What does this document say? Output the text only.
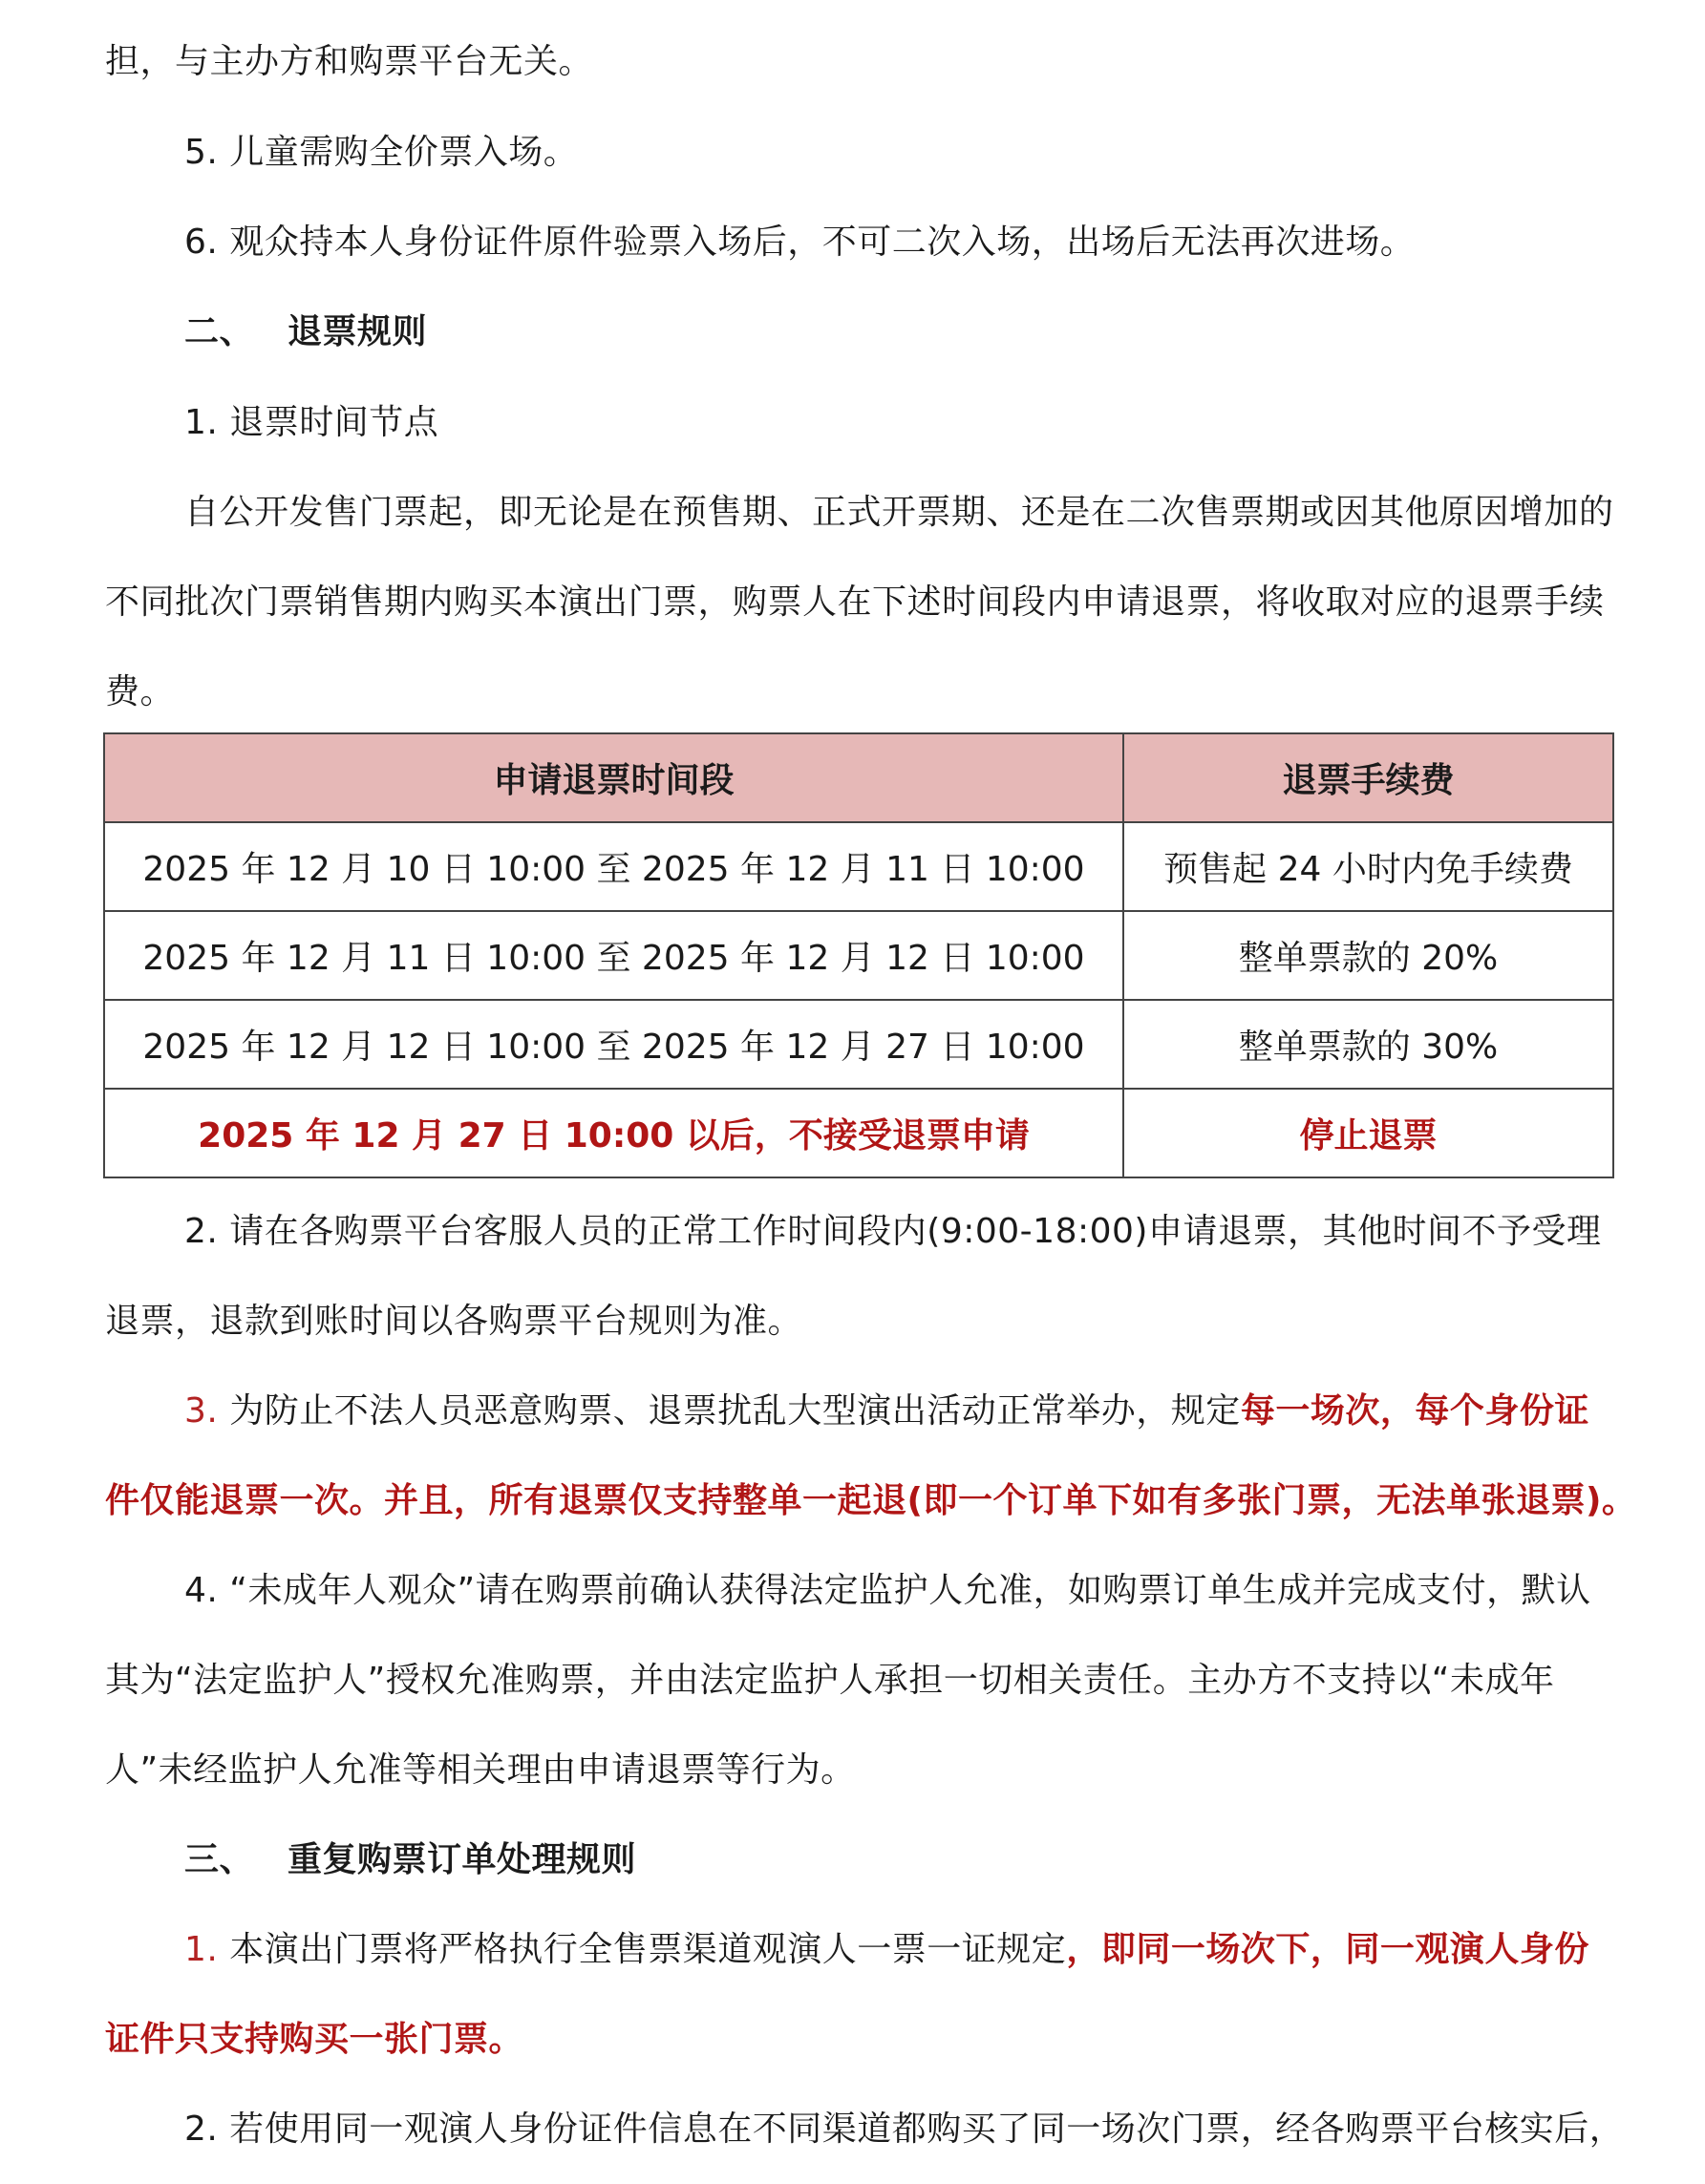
担，与主办方和购票平台无关。
5. 儿童需购全价票入场。
6. 观众持本人身份证件原件验票入场后，不可二次入场，出场后无法再次进场。
二、 退票规则
1. 退票时间节点
自公开发售门票起，即无论是在预售期、正式开票期、还是在二次售票期或因其他原因增加的
不同批次门票销售期内购买本演出门票，购票人在下述时间段内申请退票，将收取对应的退票手续
费。
申请退票时间段	退票手续费
2025 年 12 月 10 日 10:00 至 2025 年 12 月 11 日 10:00	预售起 24 小时内免手续费
2025 年 12 月 11 日 10:00 至 2025 年 12 月 12 日 10:00	整单票款的 20%
2025 年 12 月 12 日 10:00 至 2025 年 12 月 27 日 10:00	整单票款的 30%
2025 年 12 月 27 日 10:00 以后，不接受退票申请	停止退票
2. 请在各购票平台客服人员的正常工作时间段内(9:00-18:00)申请退票，其他时间不予受理
退票，退款到账时间以各购票平台规则为准。
3. 为防止不法人员恶意购票、退票扰乱大型演出活动正常举办，规定每一场次，每个身份证
件仅能退票一次。并且，所有退票仅支持整单一起退(即一个订单下如有多张门票，无法单张退票)。
4. “未成年人观众”请在购票前确认获得法定监护人允准，如购票订单生成并完成支付，默认
其为“法定监护人”授权允准购票，并由法定监护人承担一切相关责任。主办方不支持以“未成年
人”未经监护人允准等相关理由申请退票等行为。
三、 重复购票订单处理规则
1. 本演出门票将严格执行全售票渠道观演人一票一证规定，即同一场次下，同一观演人身份
证件只支持购买一张门票。
2. 若使用同一观演人身份证件信息在不同渠道都购买了同一场次门票，经各购票平台核实后，
